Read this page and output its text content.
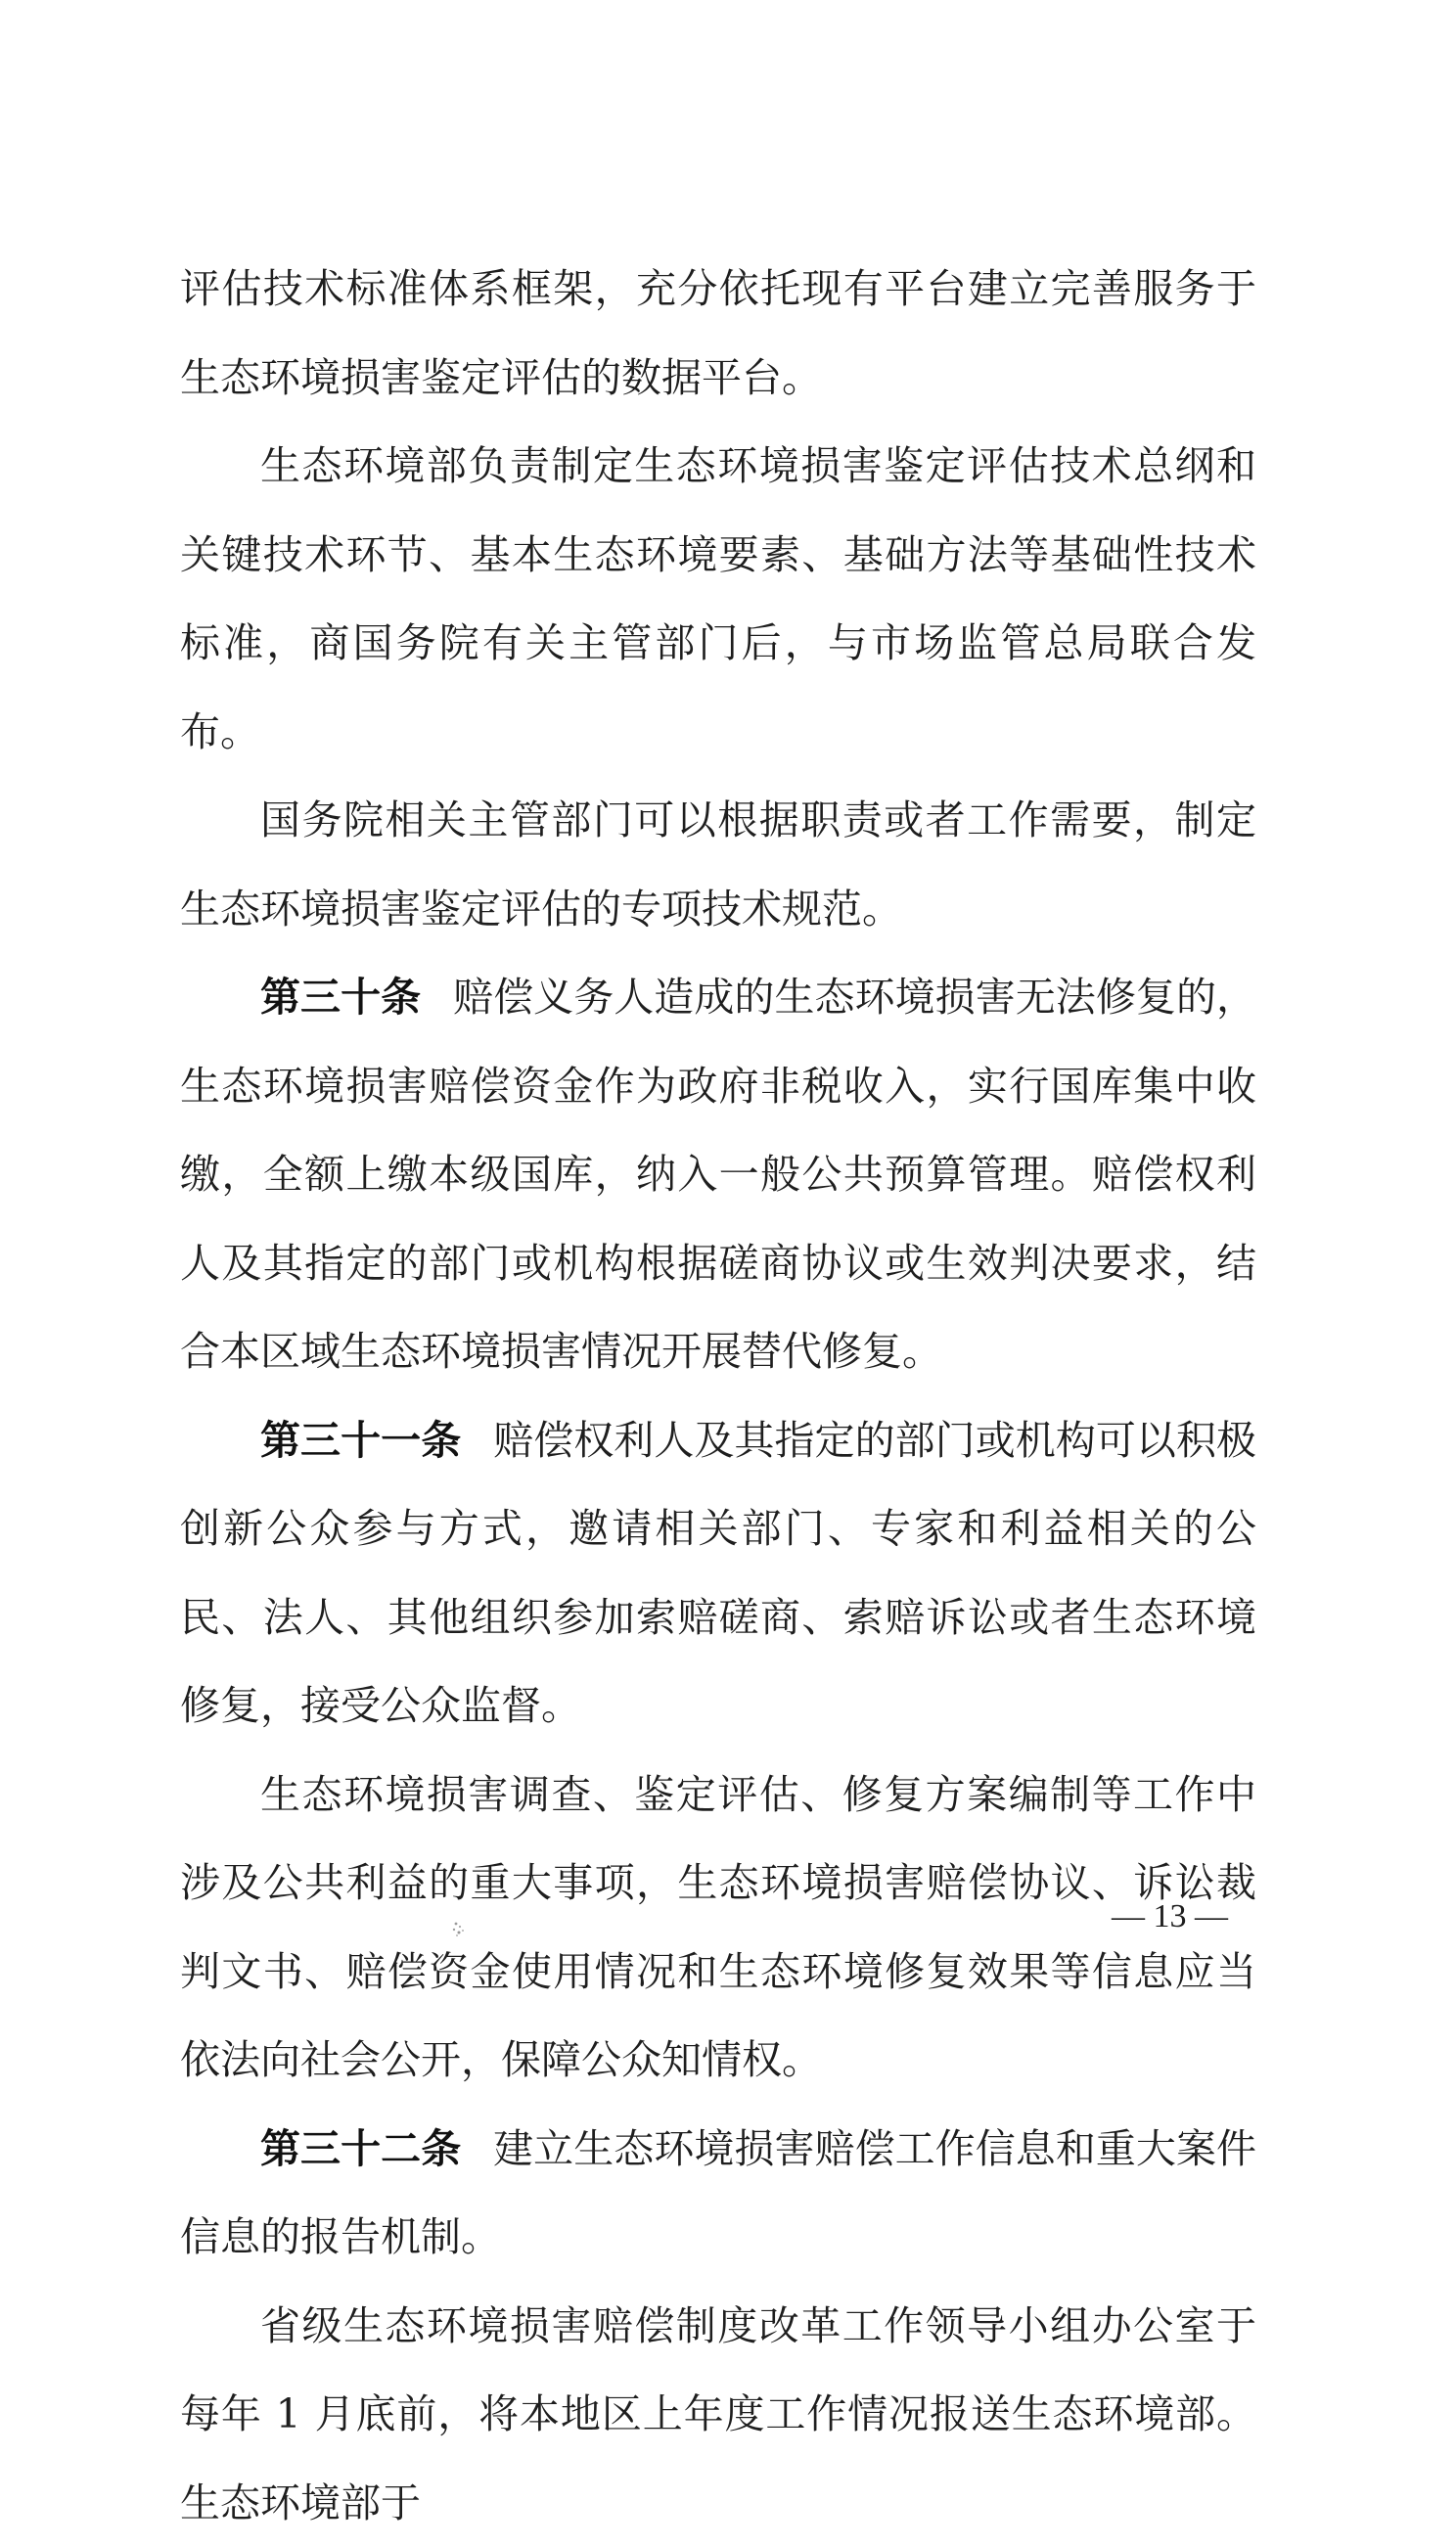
评估技术标准体系框架，充分依托现有平台建立完善服务于生态环境损害鉴定评估的数据平台。

生态环境部负责制定生态环境损害鉴定评估技术总纲和关键技术环节、基本生态环境要素、基础方法等基础性技术标准，商国务院有关主管部门后，与市场监管总局联合发布。

国务院相关主管部门可以根据职责或者工作需要，制定生态环境损害鉴定评估的专项技术规范。

第三十条 赔偿义务人造成的生态环境损害无法修复的，生态环境损害赔偿资金作为政府非税收入，实行国库集中收缴，全额上缴本级国库，纳入一般公共预算管理。赔偿权利人及其指定的部门或机构根据磋商协议或生效判决要求，结合本区域生态环境损害情况开展替代修复。

第三十一条 赔偿权利人及其指定的部门或机构可以积极创新公众参与方式，邀请相关部门、专家和利益相关的公民、法人、其他组织参加索赔磋商、索赔诉讼或者生态环境修复，接受公众监督。

生态环境损害调查、鉴定评估、修复方案编制等工作中涉及公共利益的重大事项，生态环境损害赔偿协议、诉讼裁判文书、赔偿资金使用情况和生态环境修复效果等信息应当依法向社会公开，保障公众知情权。

第三十二条 建立生态环境损害赔偿工作信息和重大案件信息的报告机制。

省级生态环境损害赔偿制度改革工作领导小组办公室于每年 1 月底前，将本地区上年度工作情况报送生态环境部。生态环境部于

— 13 —
